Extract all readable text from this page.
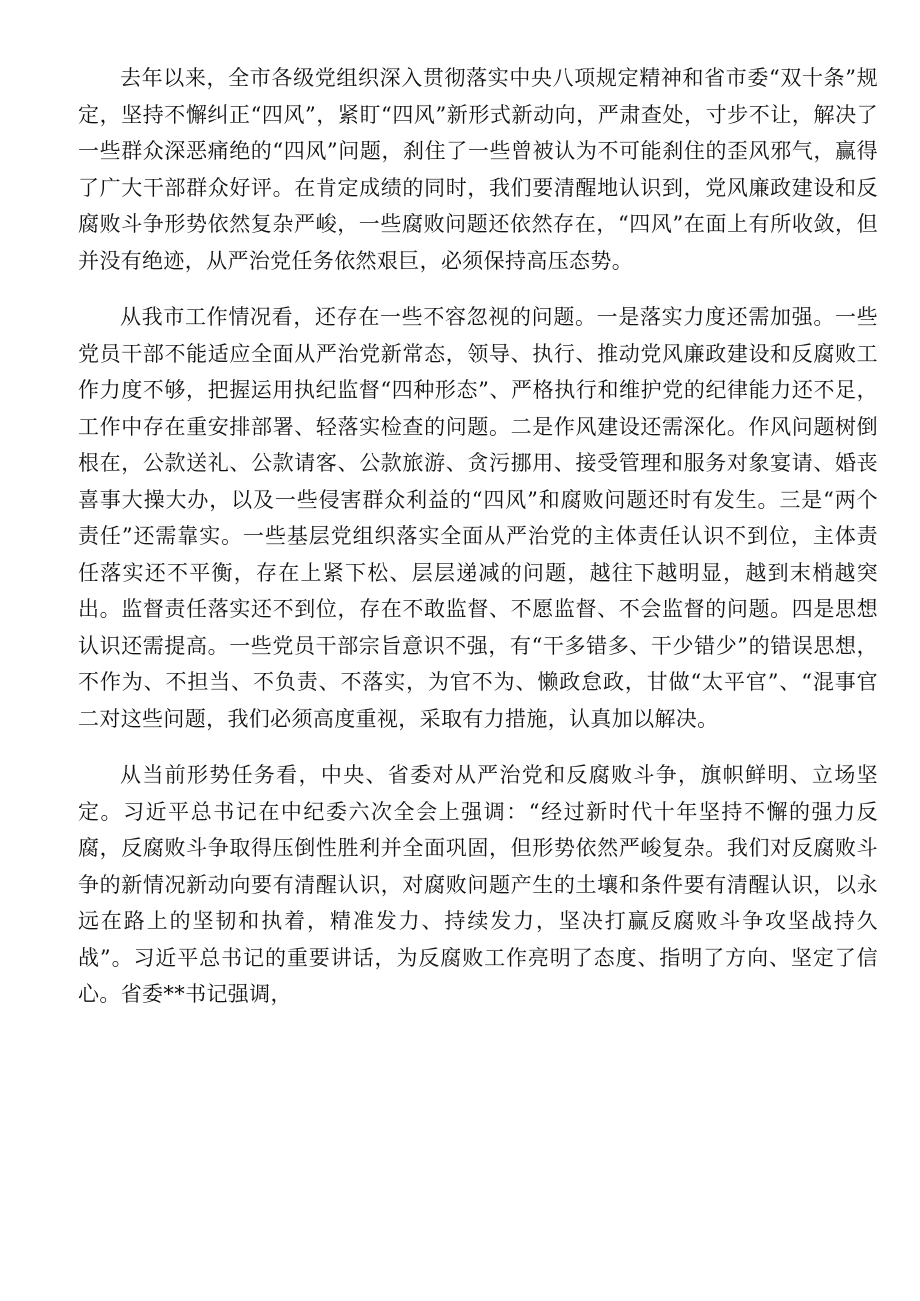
去年以来，全市各级党组织深入贯彻落实中央八项规定精神和省市委“双十条”规定，坚持不懈纠正“四风”，紧盯“四风”新形式新动向，严肃查处，寸步不让，解决了一些群众深恶痛绝的“四风”问题，刹住了一些曾被认为不可能刹住的歪风邪气，赢得了广大干部群众好评。在肯定成绩的同时，我们要清醒地认识到，党风廉政建设和反腐败斗争形势依然复杂严峻，一些腐败问题还依然存在，“四风”在面上有所收敛，但并没有绝迹，从严治党任务依然艰巨，必须保持高压态势。

从我市工作情况看，还存在一些不容忽视的问题。一是落实力度还需加强。一些党员干部不能适应全面从严治党新常态，领导、执行、推动党风廉政建设和反腐败工作力度不够，把握运用执纪监督“四种形态”、严格执行和维护党的纪律能力还不足，工作中存在重安排部署、轻落实检查的问题。二是作风建设还需深化。作风问题树倒根在，公款送礼、公款请客、公款旅游、贪污挪用、接受管理和服务对象宴请、婚丧喜事大操大办，以及一些侵害群众利益的“四风”和腐败问题还时有发生。三是“两个责任”还需靠实。一些基层党组织落实全面从严治党的主体责任认识不到位，主体责任落实还不平衡，存在上紧下松、层层递减的问题，越往下越明显，越到末梢越突出。监督责任落实还不到位，存在不敢监督、不愿监督、不会监督的问题。四是思想认识还需提高。一些党员干部宗旨意识不强，有“干多错多、干少错少”的错误思想，不作为、不担当、不负责、不落实，为官不为、懒政怠政，甘做“太平官”、“混事官二对这些问题，我们必须高度重视，采取有力措施，认真加以解决。

从当前形势任务看，中央、省委对从严治党和反腐败斗争，旗帜鲜明、立场坚定。习近平总书记在中纪委六次全会上强调：“经过新时代十年坚持不懈的强力反腐，反腐败斗争取得压倒性胜利并全面巩固，但形势依然严峻复杂。我们对反腐败斗争的新情况新动向要有清醒认识，对腐败问题产生的土壤和条件要有清醒认识，以永远在路上的坚韧和执着，精准发力、持续发力，坚决打赢反腐败斗争攻坚战持久战”。习近平总书记的重要讲话，为反腐败工作亮明了态度、指明了方向、坚定了信心。省委**书记强调，
